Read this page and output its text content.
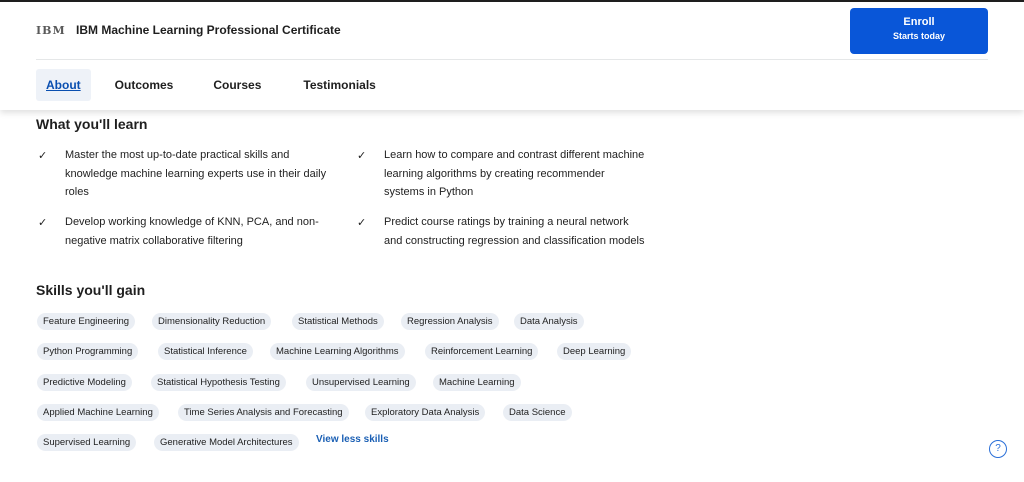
IBM IBM Machine Learning Professional Certificate
Enroll
Starts today
About	Outcomes	Courses	Testimonials
What you'll learn
✓ Master the most up-to-date practical skills and knowledge machine learning experts use in their daily roles
✓ Learn how to compare and contrast different machine learning algorithms by creating recommender systems in Python
✓ Develop working knowledge of KNN, PCA, and non-negative matrix collaborative filtering
✓ Predict course ratings by training a neural network and constructing regression and classification models
Skills you'll gain
Feature Engineering	Dimensionality Reduction	Statistical Methods	Regression Analysis	Data Analysis
Python Programming	Statistical Inference	Machine Learning Algorithms	Reinforcement Learning	Deep Learning
Predictive Modeling	Statistical Hypothesis Testing	Unsupervised Learning	Machine Learning
Applied Machine Learning	Time Series Analysis and Forecasting	Exploratory Data Analysis	Data Science
Supervised Learning	Generative Model Architectures	View less skills
?
